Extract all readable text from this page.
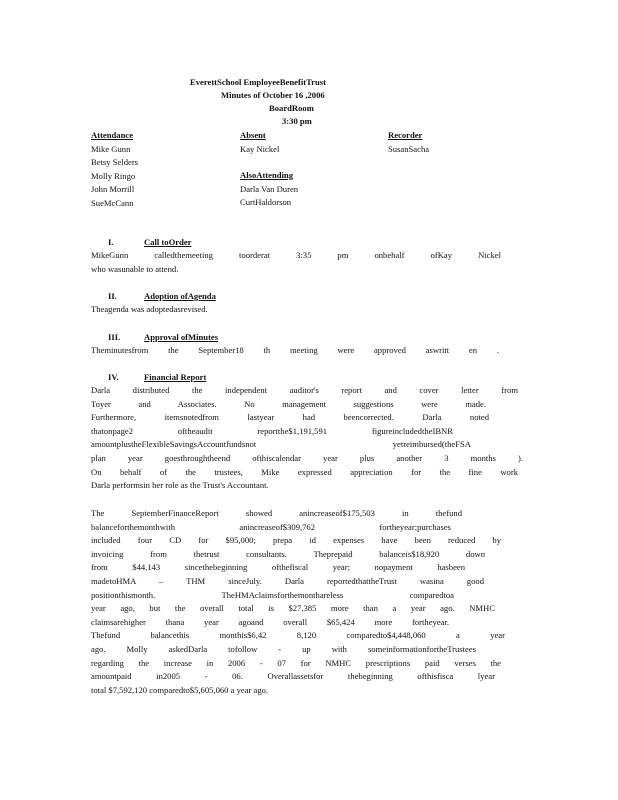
EverettSchool EmployeeBenefitTrust
Minutes of October 16 ,2006
BoardRoom
3:30 pm
Attendance
Mike Gunn
Betsy Selders
Molly Ringo
John Morrill
SueMcCann
Absent
Kay Nickel
AlsoAttending
Darla Van Duren
CurtHaldorson
Recorder
SusanSacha
I.	Call toOrder
MikeGunn calledthemeeting toorderat 3:35 pm onbehalf ofKay Nickel
who wasunable to attend.
II.	Adoption ofAgenda
Theagenda was adoptedasrevised.
III.	Approval ofMinutes
Theminutesfrom the September18 th meeting were approved aswritt en .
IV.	Financial Report
Darla distributed the independent auditor's report and cover letter from
Toyer and Associates. No management suggestions were made.
Furthermore, itemsnotedfrom lastyear had beencorrected. Darla noted
thatonpage2 oftheaudit reportthe$1,191,591 figureincludedtheIBNR
amountplustheFlexibleSavingsAccountfundsnot yetreimbursed(theFSA
plan year goesthroughtheend ofthiscalendar year plus another 3 months ).
On behalf of the trustees, Mike expressed appreciation for the fine work
Darla performsin her role as the Trust's Accountant.
The SeptemberFinanceReport showed anincreaseof$175,503 in thefund
balanceforthemonthwith anincreaseof$309,762 fortheyear;purchases
included four CD for $95,000; prepa id expenses have been reduced by
invoicing from thetrust consultants. Theprepaid balanceis$18,920 down
from $44,143 sincethebeginning ofthefiscal year; nopayment hasbeen
madetoHMA – THM sinceJuly. Darla reportedthattheTrust wasina good
positionthismonth. TheHMAclaimsforthemonthareless comparedtoa
year ago, but the overall total is $27,385 more than a year ago. NMHC
claimsarehigher thana year agoand overall $65,424 more fortheyear.
Thefund balancethis monthis$6,42 8,120 comparedto$4,448,060 a year
ago. Molly askedDarla tofollow - up with someinformationfortheTrustees
regarding the increase in 2006 - 07 for NMHC prescriptions paid verses the
amountpaid in2005 - 06. Overallassetsfor thebeginning ofthisfisca lyear
total $7,592,120 comparedto$5,605,060 a year ago.
